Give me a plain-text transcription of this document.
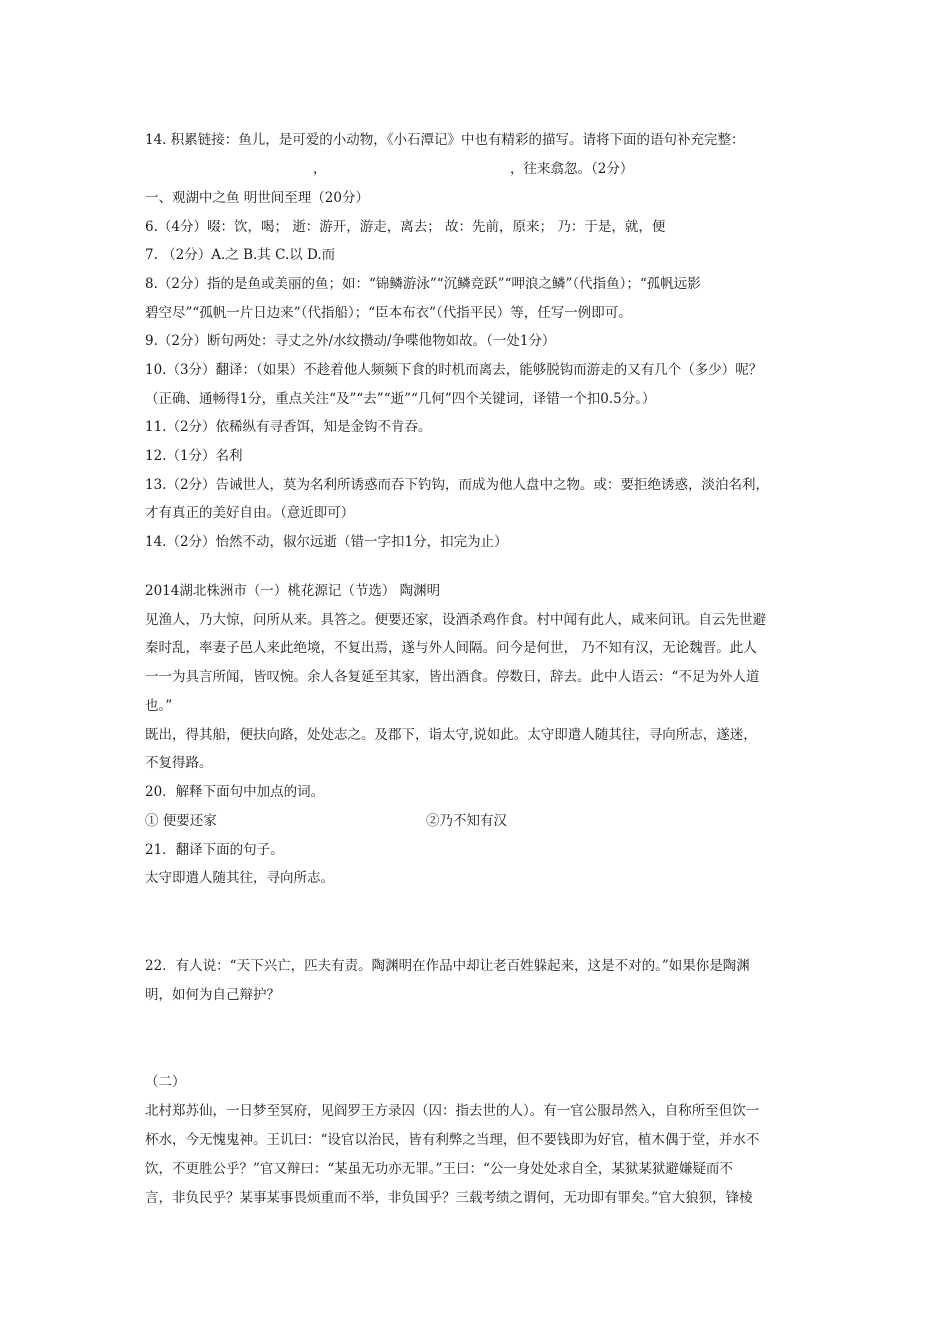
14. 积累链接：鱼儿，是可爱的小动物，《小石潭记》中也有精彩的描写。请将下面的语句补充完整：
，	，往来翕忽。（2分）
一、观湖中之鱼 明世间至理（20分）
6.（4分）啜：饮，喝； 逝：游开，游走，离去； 故：先前，原来； 乃：于是，就，便
7. （2分）A.之 B.其 C.以 D.而
8.（2分）指的是鱼或美丽的鱼；如：“锦鳞游泳”“沉鳞竞跃”“呷浪之鳞”（代指鱼）；“孤帆远影
碧空尽”“孤帆一片日边来”（代指船）；“臣本布衣”（代指平民）等，任写一例即可。
9.（2分）断句两处：寻丈之外/水纹攒动/争喋他物如故。（一处1分）
10.（3分）翻译：（如果）不趁着他人频频下食的时机而离去，能够脱钩而游走的又有几个（多少）呢？
（正确、通畅得1分，重点关注“及”“去”“逝”“几何”四个关键词，译错一个扣0.5分。）
11.（2分）依稀纵有寻香饵，知是金钩不肯吞。
12.（1分）名利
13.（2分）告诫世人，莫为名利所诱惑而吞下钓钩，而成为他人盘中之物。或：要拒绝诱惑，淡泊名利，
才有真正的美好自由。（意近即可）
14.（2分）怡然不动，俶尔远逝（错一字扣1分，扣完为止）
2014湖北株洲市（一）桃花源记（节选） 陶渊明
见渔人，乃大惊，问所从来。具答之。便要还家，设酒杀鸡作食。村中闻有此人，咸来问讯。自云先世避
秦时乱，率妻子邑人来此绝境，不复出焉，遂与外人间隔。问今是何世， 乃不知有汉，无论魏晋。此人
一一为具言所闻，皆叹惋。余人各复延至其家，皆出酒食。停数日，辞去。此中人语云：“不足为外人道
也。”
既出，得其船，便扶向路，处处志之。及郡下，诣太守,说如此。太守即遣人随其往，寻向所志，遂迷，
不复得路。
20．解释下面句中加点的词。
① 便要还家	②乃不知有汉
21．翻译下面的句子。
太守即遣人随其往，寻向所志。
22．有人说：“天下兴亡，匹夫有责。陶渊明在作品中却让老百姓躲起来，这是不对的。”如果你是陶渊
明，如何为自己辩护？
（二）
北村郑苏仙，一日梦至冥府，见阎罗王方录囚（囚：指去世的人）。有一官公服昂然入，自称所至但饮一
杯水，今无愧鬼神。王讥曰：“设官以治民，皆有利弊之当理，但不要钱即为好官，植木偶于堂，并水不
饮，不更胜公乎？”官又辩曰：“某虽无功亦无罪。”王曰：“公一身处处求自全，某狱某狱避嫌疑而不
言，非负民乎？某事某事畏烦重而不举，非负国乎？三载考绩之谓何，无功即有罪矣。”官大狼狈，锋棱
